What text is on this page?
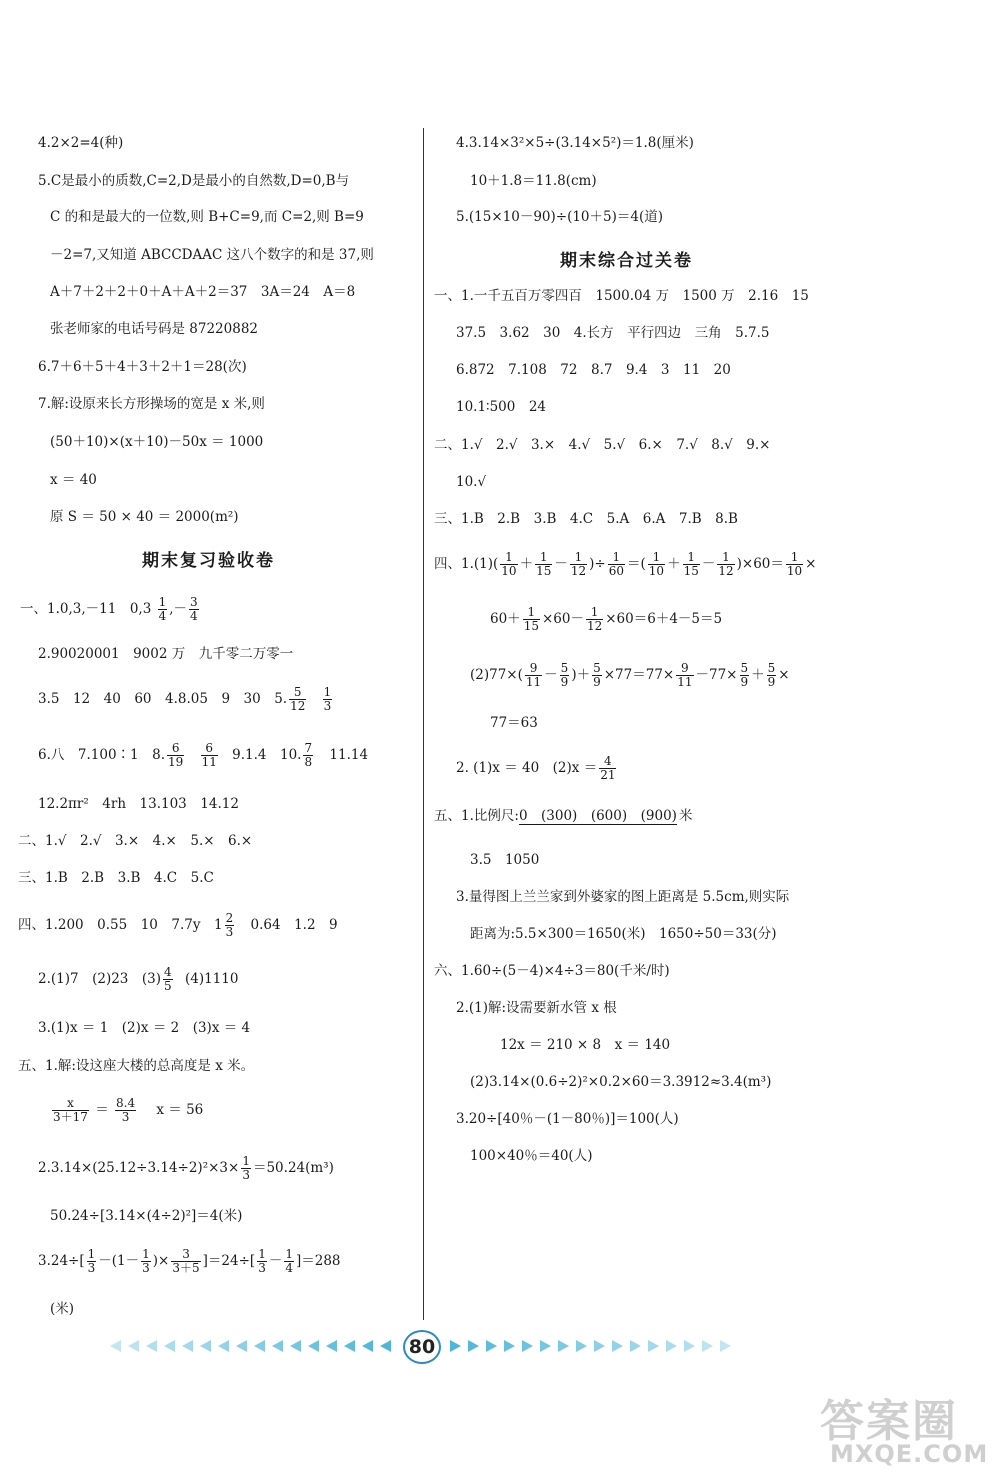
4.2×2=4(种)
5.C是最小的质数,C=2,D是最小的自然数,D=0,B与
C 的和是最大的一位数,则 B+C=9,而 C=2,则 B=9
－2=7,又知道 ABCCDAAC 这八个数字的和是 37,则
A＋7＋2＋2＋0＋A＋A＋2＝37　3A＝24　A＝8
张老师家的电话号码是 87220882
6.7＋6＋5＋4＋3＋2＋1＝28(次)
7.解:设原来长方形操场的宽是 x 米,则
(50＋10)×(x＋10)－50x ＝ 1000
x ＝ 40
原 S ＝ 50 × 40 ＝ 2000(m²)
期末复习验收卷
一、1.0,3,－11　$0,3 \frac{1}{4}$ ,－ $\frac{3}{4}$
2.90020001　9002 万　九千零二万零一
3.5　12　40　60　4.8.05　9　30　5. $\frac{5}{12}$
$\frac{1}{3}$
6.八　7.100∶1　8. $\frac{6}{19}$
$\frac{6}{11} 9.1.4$　10. $\frac{7}{8} 11.14$
12.2πr²　4rh　13.103　14.12
二、1.√　2.√　3.×　4.×　5.×　6.×
三、1.B　2.B　3.B　4.C　5.C
四、1.200　0.55　10　7.7y　$1 \frac{2}{3} 0.64$　1.2　9
2.(1)7　(2)23　$(3) \frac{4}{5} (4)1110$
3.(1)x ＝ 1　(2)x ＝ 2　(3)x ＝ 4
五、1.解:设这座大楼的总高度是 x 米。
$\frac{x}{3+17} = \frac{8.4}{3}$ x ＝ 56
$2.3.14\times(25.12\div 3.14\div 2)^2\times 3\times \frac{1}{3} =50.24(m^3)$
50.24÷[3.14×(4÷2)²]＝4(米)
$3.24\div[ \frac{1}{3} -(1- \frac{1}{3}$ )× $\frac{3}{3+5} ]=24\div[ \frac{1}{3} - \frac{1}{4} ]=288$
(米)
4.3.14×3²×5÷(3.14×5²)＝1.8(厘米)
10＋1.8＝11.8(cm)
5.(15×10－90)÷(10＋5)＝4(道)
期末综合过关卷
一、1.一千五百万零四百　1500.04 万　1500 万　2.16　15
37.5　3.62　30　4.长方　平行四边　三角　5.7.5
6.872　7.108　72　8.7　9.4　3　11　20
10.1∶500　24
二、1.√　2.√　3.×　4.√　5.√　6.×　7.√　8.√　9.×
10.√
三、1.B　2.B　3.B　4.C　5.A　6.A　7.B　8.B
四、$1.(1)( \frac{1}{10} + \frac{1}{15} - \frac{1}{12}$ )÷ $\frac{1}{60}$ ＝( $\frac{1}{10} + \frac{1}{15} - \frac{1}{12} )\times 60= \frac{1}{10}$ ×
$60+ \frac{1}{15} \times 60- \frac{1}{12} \times 60=6+4-5=5$
$(2)77\times( \frac{9}{11} - \frac{5}{9}$ )＋ $\frac{5}{9} \times 77=77\times \frac{9}{11} -77\times \frac{5}{9} + \frac{5}{9}$ ×
77＝63
2. (1)x ＝ 40　$(2)x = \frac{4}{21}$
五、1.比例尺:0　(300)　(600)　(900) 米
3.5　1050
3.量得图上兰兰家到外婆家的图上距离是 5.5cm,则实际
距离为:5.5×300＝1650(米)　1650÷50＝33(分)
六、1.60÷(5－4)×4÷3＝80(千米/时)
2.(1)解:设需要新水管 x 根
12x ＝ 210 × 8　x ＝ 140
(2)3.14×(0.6÷2)²×0.2×60＝3.3912≈3.4(m³)
3.20÷[40％－(1－80％)]＝100(人)
100×40％＝40(人)
80
答案圈
MXQE.COM
